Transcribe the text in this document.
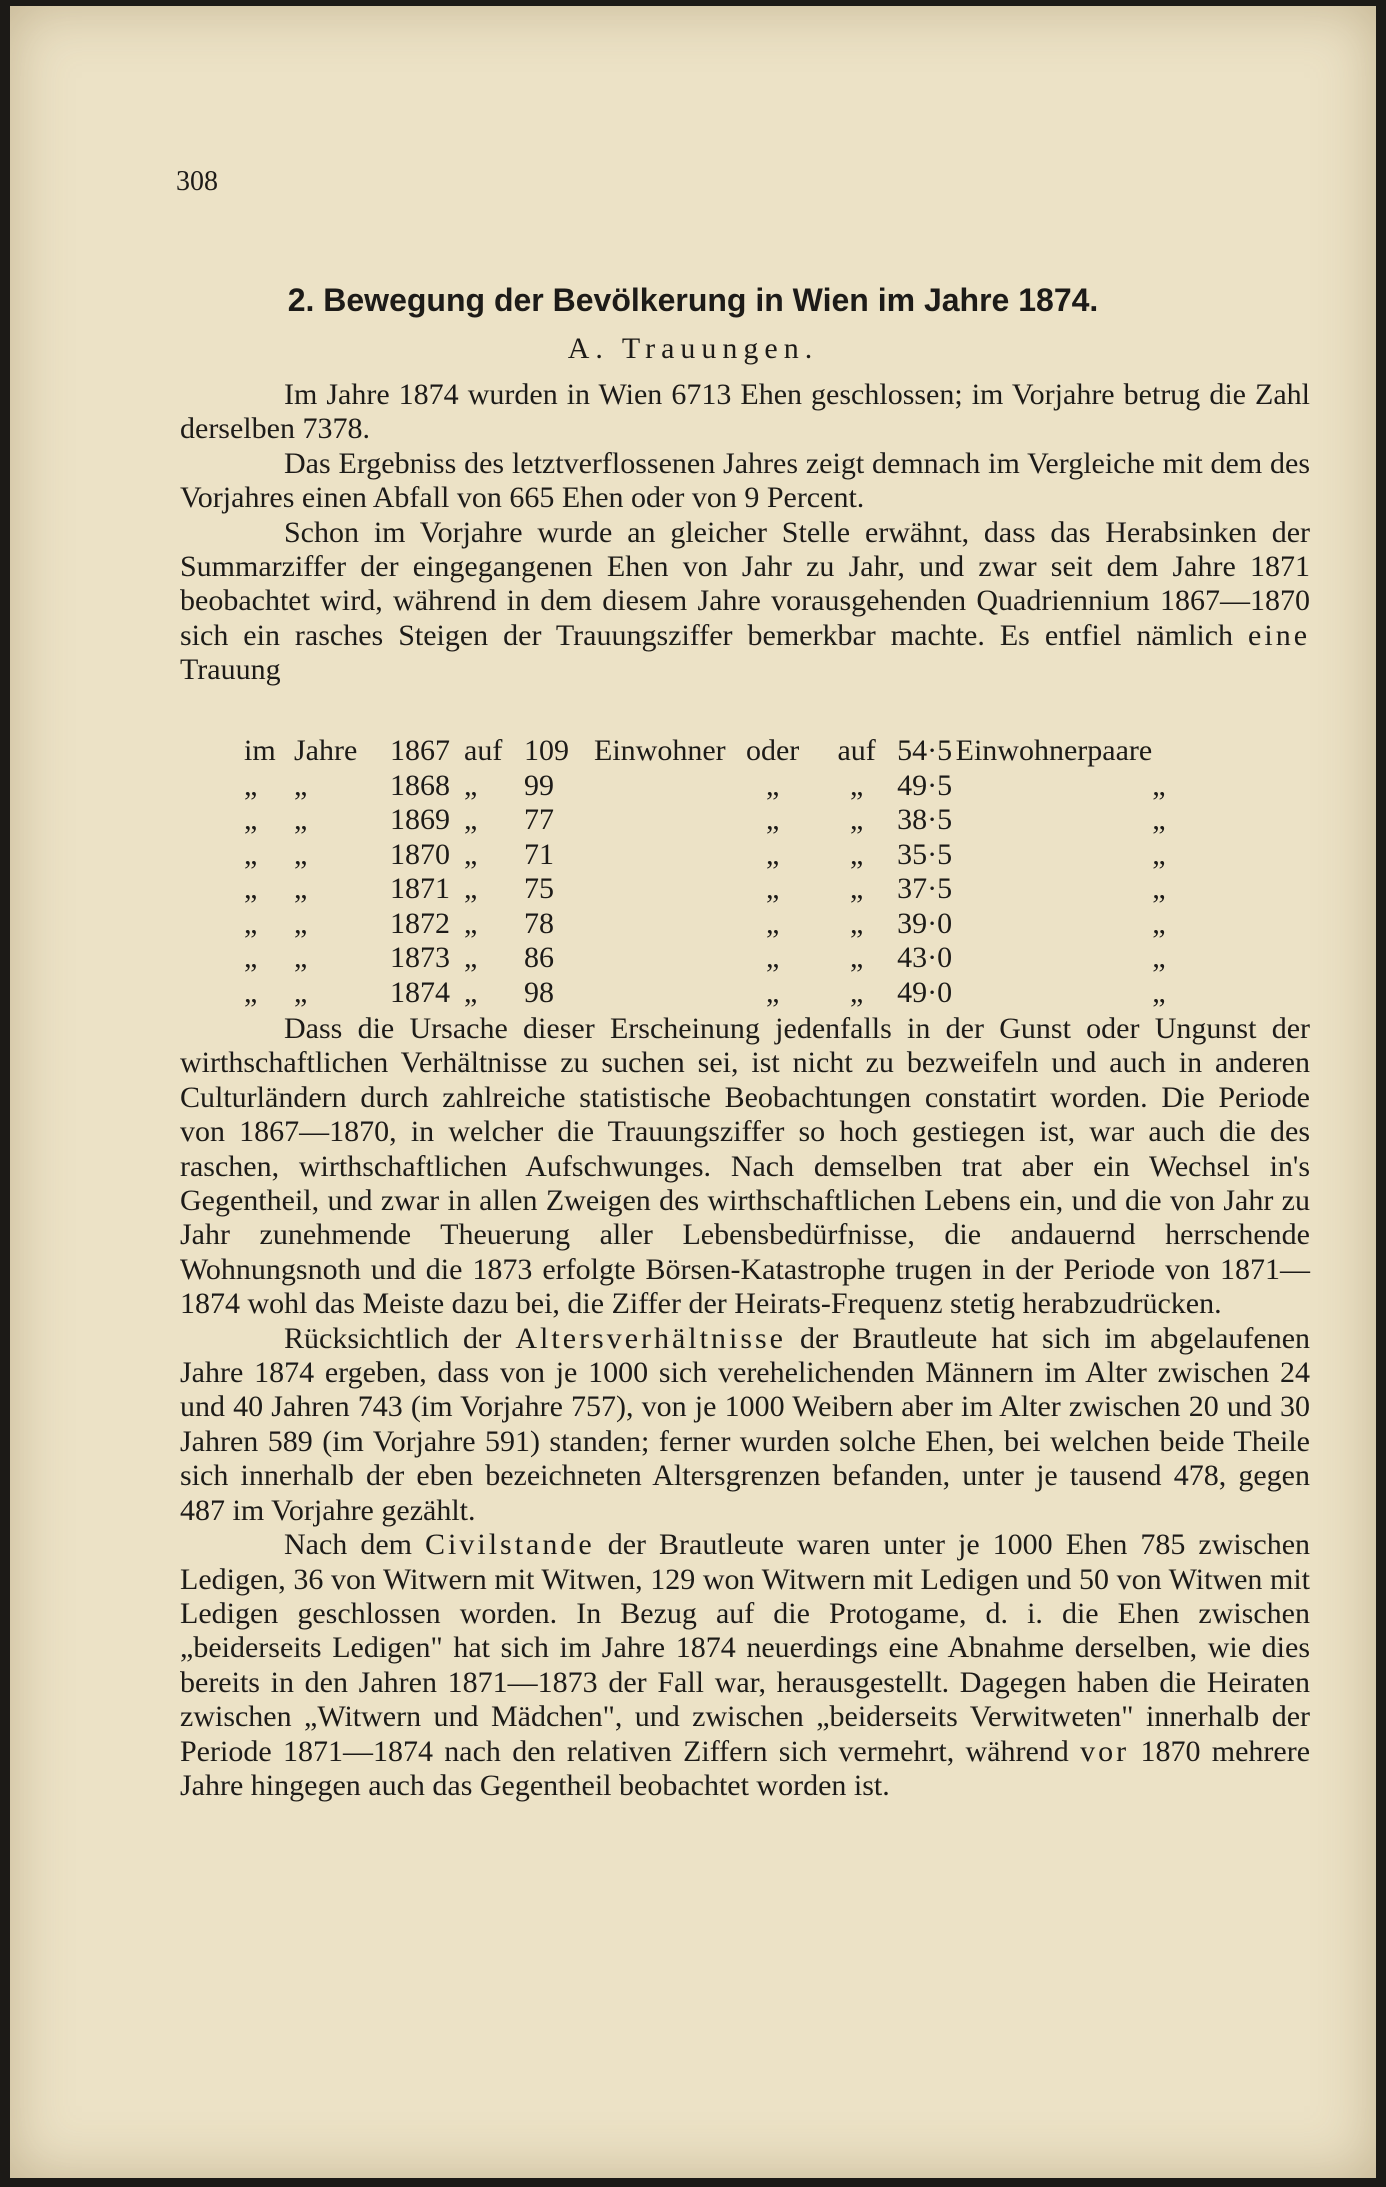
308
2. Bewegung der Bevölkerung in Wien im Jahre 1874.
A. Trauungen.

Im Jahre 1874 wurden in Wien 6713 Ehen geschlossen; im Vorjahre betrug die Zahl derselben 7378.

Das Ergebniss des letztverflossenen Jahres zeigt demnach im Vergleiche mit dem des Vorjahres einen Abfall von 665 Ehen oder von 9 Percent.

Schon im Vorjahre wurde an gleicher Stelle erwähnt, dass das Herabsinken der Summarziffer der eingegangenen Ehen von Jahr zu Jahr, und zwar seit dem Jahre 1871 beobachtet wird, während in dem diesem Jahre vorausgehenden Quadriennium 1867—1870 sich ein rasches Steigen der Trauungsziffer bemerkbar machte. Es entfiel nämlich eine Trauung

im	Jahre	1867	auf	109	Einwohner	oder	auf	54·5	Einwohnerpaare	
„	„	1868	„	99		„	„	49·5		„
„	„	1869	„	77		„	„	38·5		„
„	„	1870	„	71		„	„	35·5		„
„	„	1871	„	75		„	„	37·5		„
„	„	1872	„	78		„	„	39·0		„
„	„	1873	„	86		„	„	43·0		„
„	„	1874	„	98		„	„	49·0		„

Dass die Ursache dieser Erscheinung jedenfalls in der Gunst oder Ungunst der wirthschaftlichen Verhältnisse zu suchen sei, ist nicht zu bezweifeln und auch in anderen Culturländern durch zahlreiche statistische Beobachtungen constatirt worden. Die Periode von 1867—1870, in welcher die Trauungsziffer so hoch gestiegen ist, war auch die des raschen, wirthschaftlichen Aufschwunges. Nach demselben trat aber ein Wechsel in's Gegentheil, und zwar in allen Zweigen des wirthschaftlichen Lebens ein, und die von Jahr zu Jahr zunehmende Theuerung aller Lebensbedürfnisse, die andauernd herrschende Wohnungsnoth und die 1873 erfolgte Börsen-Katastrophe trugen in der Periode von 1871—1874 wohl das Meiste dazu bei, die Ziffer der Heirats-Frequenz stetig herabzudrücken.

Rücksichtlich der Altersverhältnisse der Brautleute hat sich im abgelaufenen Jahre 1874 ergeben, dass von je 1000 sich verehelichenden Männern im Alter zwischen 24 und 40 Jahren 743 (im Vorjahre 757), von je 1000 Weibern aber im Alter zwischen 20 und 30 Jahren 589 (im Vorjahre 591) standen; ferner wurden solche Ehen, bei welchen beide Theile sich innerhalb der eben bezeichneten Altersgrenzen befanden, unter je tausend 478, gegen 487 im Vorjahre gezählt.

Nach dem Civilstande der Brautleute waren unter je 1000 Ehen 785 zwischen Ledigen, 36 von Witwern mit Witwen, 129 won Witwern mit Ledigen und 50 von Witwen mit Ledigen geschlossen worden. In Bezug auf die Protogame, d. i. die Ehen zwischen „beiderseits Ledigen" hat sich im Jahre 1874 neuerdings eine Abnahme derselben, wie dies bereits in den Jahren 1871—1873 der Fall war, herausgestellt. Dagegen haben die Heiraten zwischen „Witwern und Mädchen", und zwischen „beiderseits Verwitweten" innerhalb der Periode 1871—1874 nach den relativen Ziffern sich vermehrt, während vor 1870 mehrere Jahre hingegen auch das Gegentheil beobachtet worden ist.
